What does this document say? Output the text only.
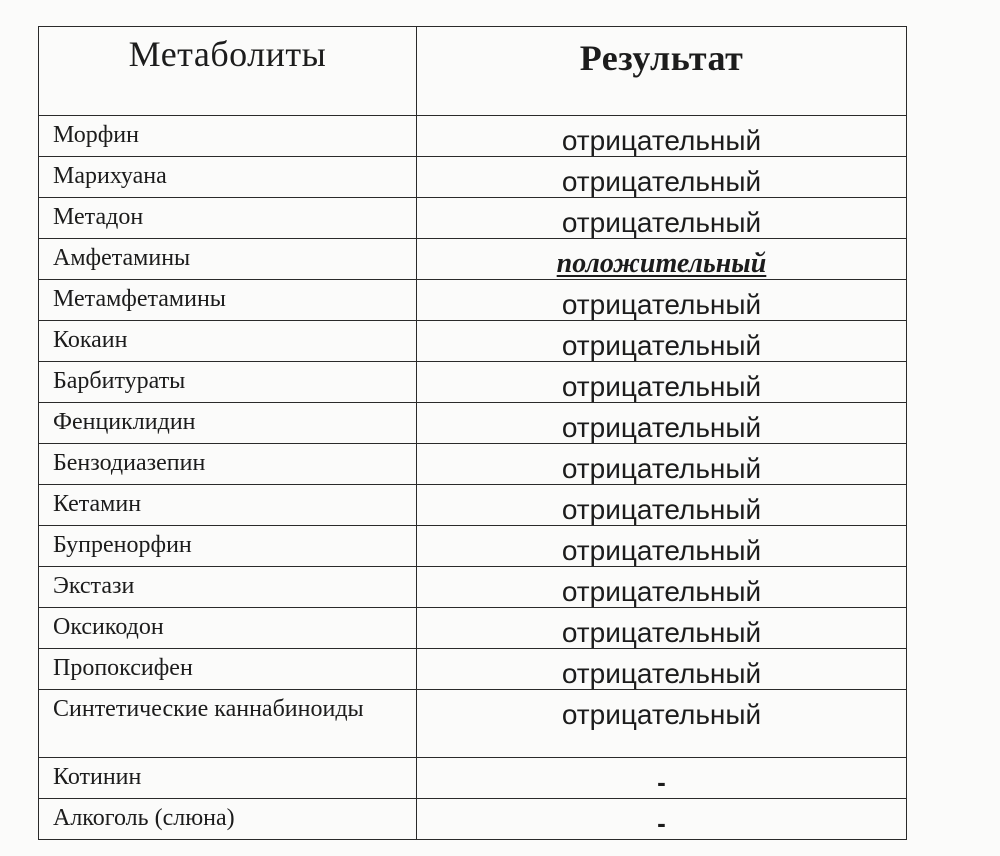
Метаболиты	Результат
Морфин	отрицательный
Марихуана	отрицательный
Метадон	отрицательный
Амфетамины	положительный
Метамфетамины	отрицательный
Кокаин	отрицательный
Барбитураты	отрицательный
Фенциклидин	отрицательный
Бензодиазепин	отрицательный
Кетамин	отрицательный
Бупренорфин	отрицательный
Экстази	отрицательный
Оксикодон	отрицательный
Пропоксифен	отрицательный
Синтетические каннабиноиды	отрицательный
Котинин	-
Алкоголь (слюна)	-
